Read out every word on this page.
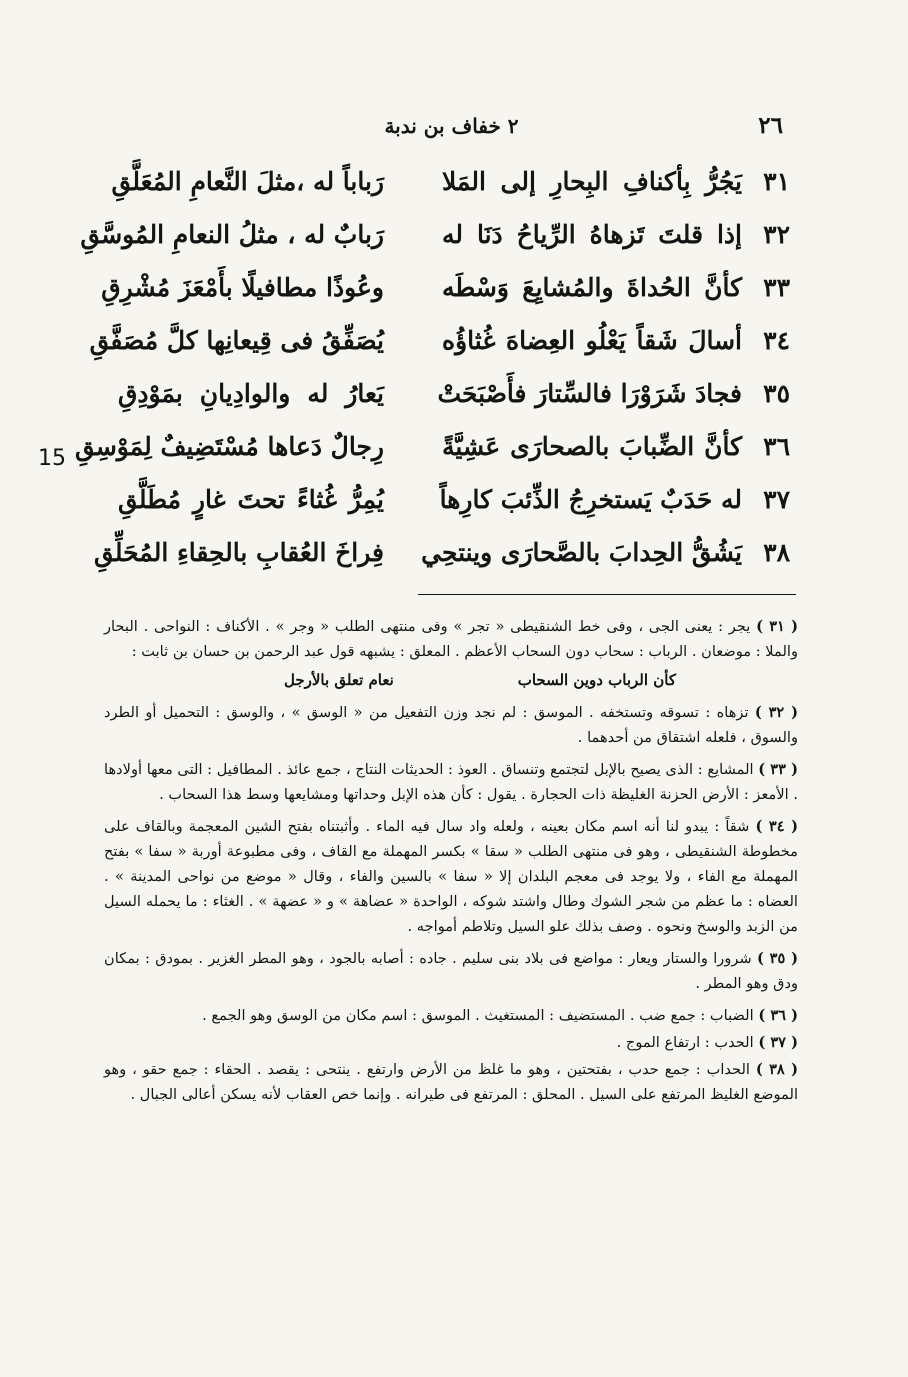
٢٦
٢ خفاف بن ندبة
15
٣١
يَجُرُّ بِأكنافِ البِحارِ إلى المَلا
رَباباً له ،مثلَ النَّعامِ المُعَلَّقِ
٣٢
إذا قلتَ تَزهاهُ الرِّياحُ دَنَا له
رَبابٌ له ، مثلُ النعامِ المُوسَّقِ
٣٣
كأنَّ الحُداةَ والمُشايِعَ وَسْطَه
وعُوذًا مطافيلًا بأَمْعَزَ مُشْرِقِ
٣٤
أسالَ شَقاً يَعْلُو العِضاهَ غُثاؤُه
يُصَفِّقُ فى قِيعانِها كلَّ مُصَفَّقِ
٣٥
فجادَ شَرَوْرَا فالسِّتارَ فأَصْبَحَتْ
يَعارُ له والوادِيانِ بمَوْدِقِ
٣٦
كأنَّ الضِّبابَ بالصحارَى عَشِيَّةً
رِجالٌ دَعاها مُسْتَضِيفٌ لِمَوْسِقِ
٣٧
له حَدَبٌ يَستخرِجُ الذِّئبَ كارِهاً
يُمِرُّ غُثاءً تحتَ غارٍ مُطَلَّقِ
٣٨
يَشُقُّ الحِدابَ بالصَّحارَى وينتحِي
فِراخَ العُقابِ بالحِقاءِ المُحَلِّقِ

( ٣١ ) يجر : يعنى الجى ، وفى خط الشنقيطى « تجر » وفى منتهى الطلب « وجر » . الأكناف : النواحى . البحار والملا : موضعان . الرباب : سحاب دون السحاب الأعظم . المعلق : يشبهه قول عبد الرحمن بن حسان بن ثابت :

كأن الرباب دوين السحاب
نعام تعلق بالأرجل

( ٣٢ ) تزهاه : تسوقه وتستخفه . الموسق : لم نجد وزن التفعيل من « الوسق » ، والوسق : التحميل أو الطرد والسوق ، فلعله اشتقاق من أحدهما .

( ٣٣ ) المشايع : الذى يصيح بالإبل لتجتمع وتنساق . العوذ : الحديثات النتاج ، جمع عائذ . المطافيل : التى معها أولادها . الأمعز : الأرض الحزنة الغليظة ذات الحجارة . يقول : كأن هذه الإبل وحداتها ومشايعها وسط هذا السحاب .

( ٣٤ ) شقاً : يبدو لنا أنه اسم مكان بعينه ، ولعله واد سال فيه الماء . وأثبتناه بفتح الشين المعجمة وبالقاف على مخطوطة الشنقيطى ، وهو فى منتهى الطلب « سقا » بكسر المهملة مع القاف ، وفى مطبوعة أوربة « سفا » بفتح المهملة مع الفاء ، ولا يوجد فى معجم البلدان إلا « سفا » بالسين والفاء ، وقال « موضع من نواحى المدينة » . العضاه : ما عظم من شجر الشوك وطال واشتد شوكه ، الواحدة « عضاهة » و « عضهة » . الغثاء : ما يحمله السيل من الزبد والوسخ ونحوه . وصف بذلك علو السيل وتلاطم أمواجه .

( ٣٥ ) شرورا والستار ويعار : مواضع فى بلاد بنى سليم . جاده : أصابه بالجود ، وهو المطر الغزير . بمودق : بمكان ودق وهو المطر .

( ٣٦ ) الضباب : جمع ضب . المستضيف : المستغيث . الموسق : اسم مكان من الوسق وهو الجمع .

( ٣٧ ) الحدب : ارتفاع الموج .

( ٣٨ ) الحداب : جمع حدب ، بفتحتين ، وهو ما غلظ من الأرض وارتفع . ينتحى : يقصد . الحقاء : جمع حقو ، وهو الموضع الغليظ المرتفع على السيل . المحلق : المرتفع فى طيرانه . وإنما خص العقاب لأنه يسكن أعالى الجبال .
